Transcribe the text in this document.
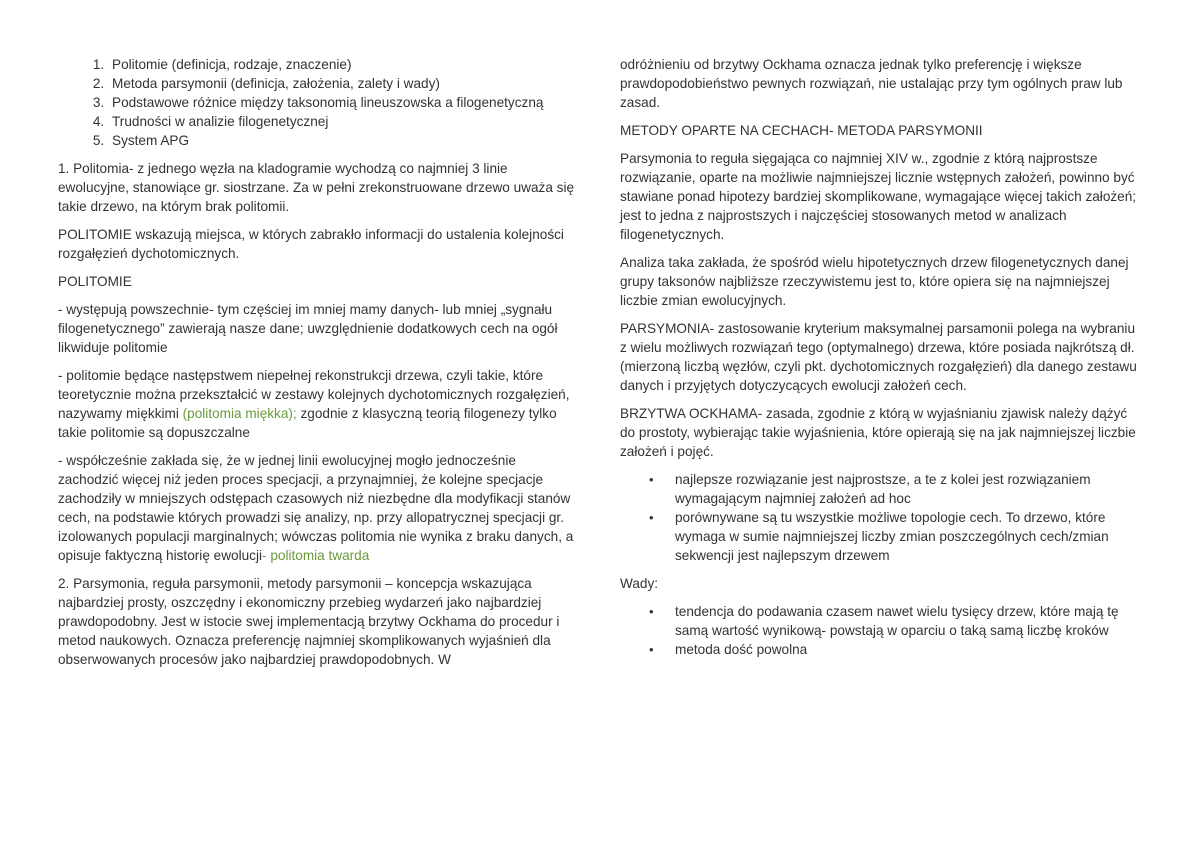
1. Politomie (definicja, rodzaje, znaczenie)
2. Metoda parsymonii (definicja, założenia, zalety i wady)
3. Podstawowe różnice między taksonomią lineuszowska a filogenetyczną
4. Trudności w analizie filogenetycznej
5. System APG

1. Politomia- z jednego węzła na kladogramie wychodzą co najmniej 3 linie ewolucyjne, stanowiące gr. siostrzane. Za w pełni zrekonstruowane drzewo uważa się takie drzewo, na którym brak politomii.

POLITOMIE wskazują miejsca, w których zabrakło informacji do ustalenia kolejności rozgałęzień dychotomicznych.

POLITOMIE

- występują powszechnie- tym częściej im mniej mamy danych- lub mniej „sygnału filogenetycznego” zawierają nasze dane; uwzględnienie dodatkowych cech na ogół likwiduje politomie

- politomie będące następstwem niepełnej rekonstrukcji drzewa, czyli takie, które teoretycznie można przekształcić w zestawy kolejnych dychotomicznych rozgałęzień, nazywamy miękkimi (politomia miękka); zgodnie z klasyczną teorią filogenezy tylko takie politomie są dopuszczalne

- współcześnie zakłada się, że w jednej linii ewolucyjnej mogło jednocześnie zachodzić więcej niż jeden proces specjacji, a przynajmniej, że kolejne specjacje zachodziły w mniejszych odstępach czasowych niż niezbędne dla modyfikacji stanów cech, na podstawie których prowadzi się analizy, np. przy allopatrycznej specjacji gr. izolowanych populacji marginalnych; wówczas politomia nie wynika z braku danych, a opisuje faktyczną historię ewolucji- politomia twarda

2. Parsymonia, reguła parsymonii, metody parsymonii – koncepcja wskazująca najbardziej prosty, oszczędny i ekonomiczny przebieg wydarzeń jako najbardziej prawdopodobny. Jest w istocie swej implementacją brzytwy Ockhama do procedur i metod naukowych. Oznacza preferencję najmniej skomplikowanych wyjaśnień dla obserwowanych procesów jako najbardziej prawdopodobnych. W

odróżnieniu od brzytwy Ockhama oznacza jednak tylko preferencję i większe prawdopodobieństwo pewnych rozwiązań, nie ustalając przy tym ogólnych praw lub zasad.

METODY OPARTE NA CECHACH- METODA PARSYMONII

Parsymonia to reguła sięgająca co najmniej XIV w., zgodnie z którą najprostsze rozwiązanie, oparte na możliwie najmniejszej licznie wstępnych założeń, powinno być stawiane ponad hipotezy bardziej skomplikowane, wymagające więcej takich założeń; jest to jedna z najprostszych i najczęściej stosowanych metod w analizach filogenetycznych.

Analiza taka zakłada, że spośród wielu hipotetycznych drzew filogenetycznych danej grupy taksonów najbliższe rzeczywistemu jest to, które opiera się na najmniejszej liczbie zmian ewolucyjnych.

PARSYMONIA- zastosowanie kryterium maksymalnej parsamonii polega na wybraniu z wielu możliwych rozwiązań tego (optymalnego) drzewa, które posiada najkrótszą dł. (mierzoną liczbą węzłów, czyli pkt. dychotomicznych rozgałęzień) dla danego zestawu danych i przyjętych dotyczycących ewolucji założeń cech.

BRZYTWA OCKHAMA- zasada, zgodnie z którą w wyjaśnianiu zjawisk należy dążyć do prostoty, wybierając takie wyjaśnienia, które opierają się na jak najmniejszej liczbie założeń i pojęć.

• najlepsze rozwiązanie jest najprostsze, a te z kolei jest rozwiązaniem wymagającym najmniej założeń ad hoc
• porównywane są tu wszystkie możliwe topologie cech. To drzewo, które wymaga w sumie najmniejszej liczby zmian poszczególnych cech/zmian sekwencji jest najlepszym drzewem

Wady:

• tendencja do podawania czasem nawet wielu tysięcy drzew, które mają tę samą wartość wynikową- powstają w oparciu o taką samą liczbę kroków
• metoda dość powolna
